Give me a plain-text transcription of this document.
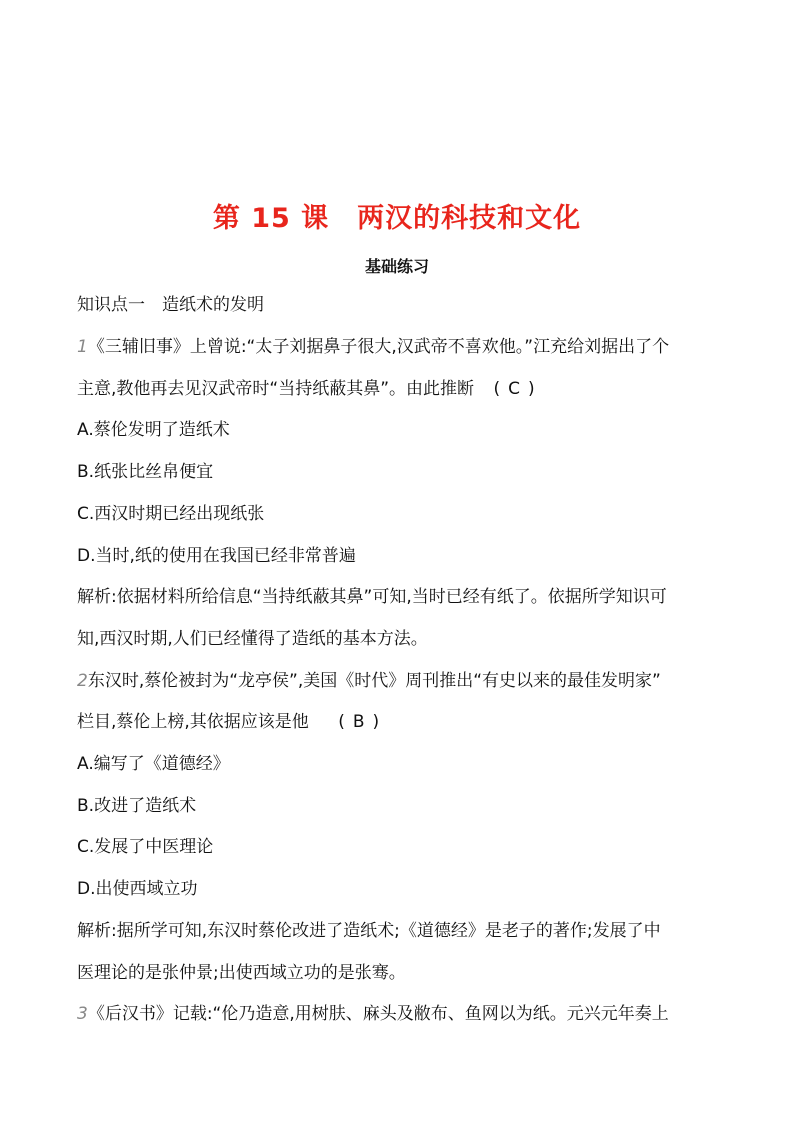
第 15 课　两汉的科技和文化
基础练习
知识点一　造纸术的发明
1《三辅旧事》上曾说:“太子刘据鼻子很大,汉武帝不喜欢他。”江充给刘据出了个
主意,教他再去见汉武帝时“当持纸蔽其鼻”。由此推断 ( C )
A.蔡伦发明了造纸术
B.纸张比丝帛便宜
C.西汉时期已经出现纸张
D.当时,纸的使用在我国已经非常普遍
解析:依据材料所给信息“当持纸蔽其鼻”可知,当时已经有纸了。依据所学知识可
知,西汉时期,人们已经懂得了造纸的基本方法。
2东汉时,蔡伦被封为“龙亭侯”,美国《时代》周刊推出“有史以来的最佳发明家”
栏目,蔡伦上榜,其依据应该是他 ( B )
A.编写了《道德经》
B.改进了造纸术
C.发展了中医理论
D.出使西域立功
解析:据所学可知,东汉时蔡伦改进了造纸术;《道德经》是老子的著作;发展了中
医理论的是张仲景;出使西域立功的是张骞。
3《后汉书》记载:“伦乃造意,用树肤、麻头及敝布、鱼网以为纸。元兴元年奏上
